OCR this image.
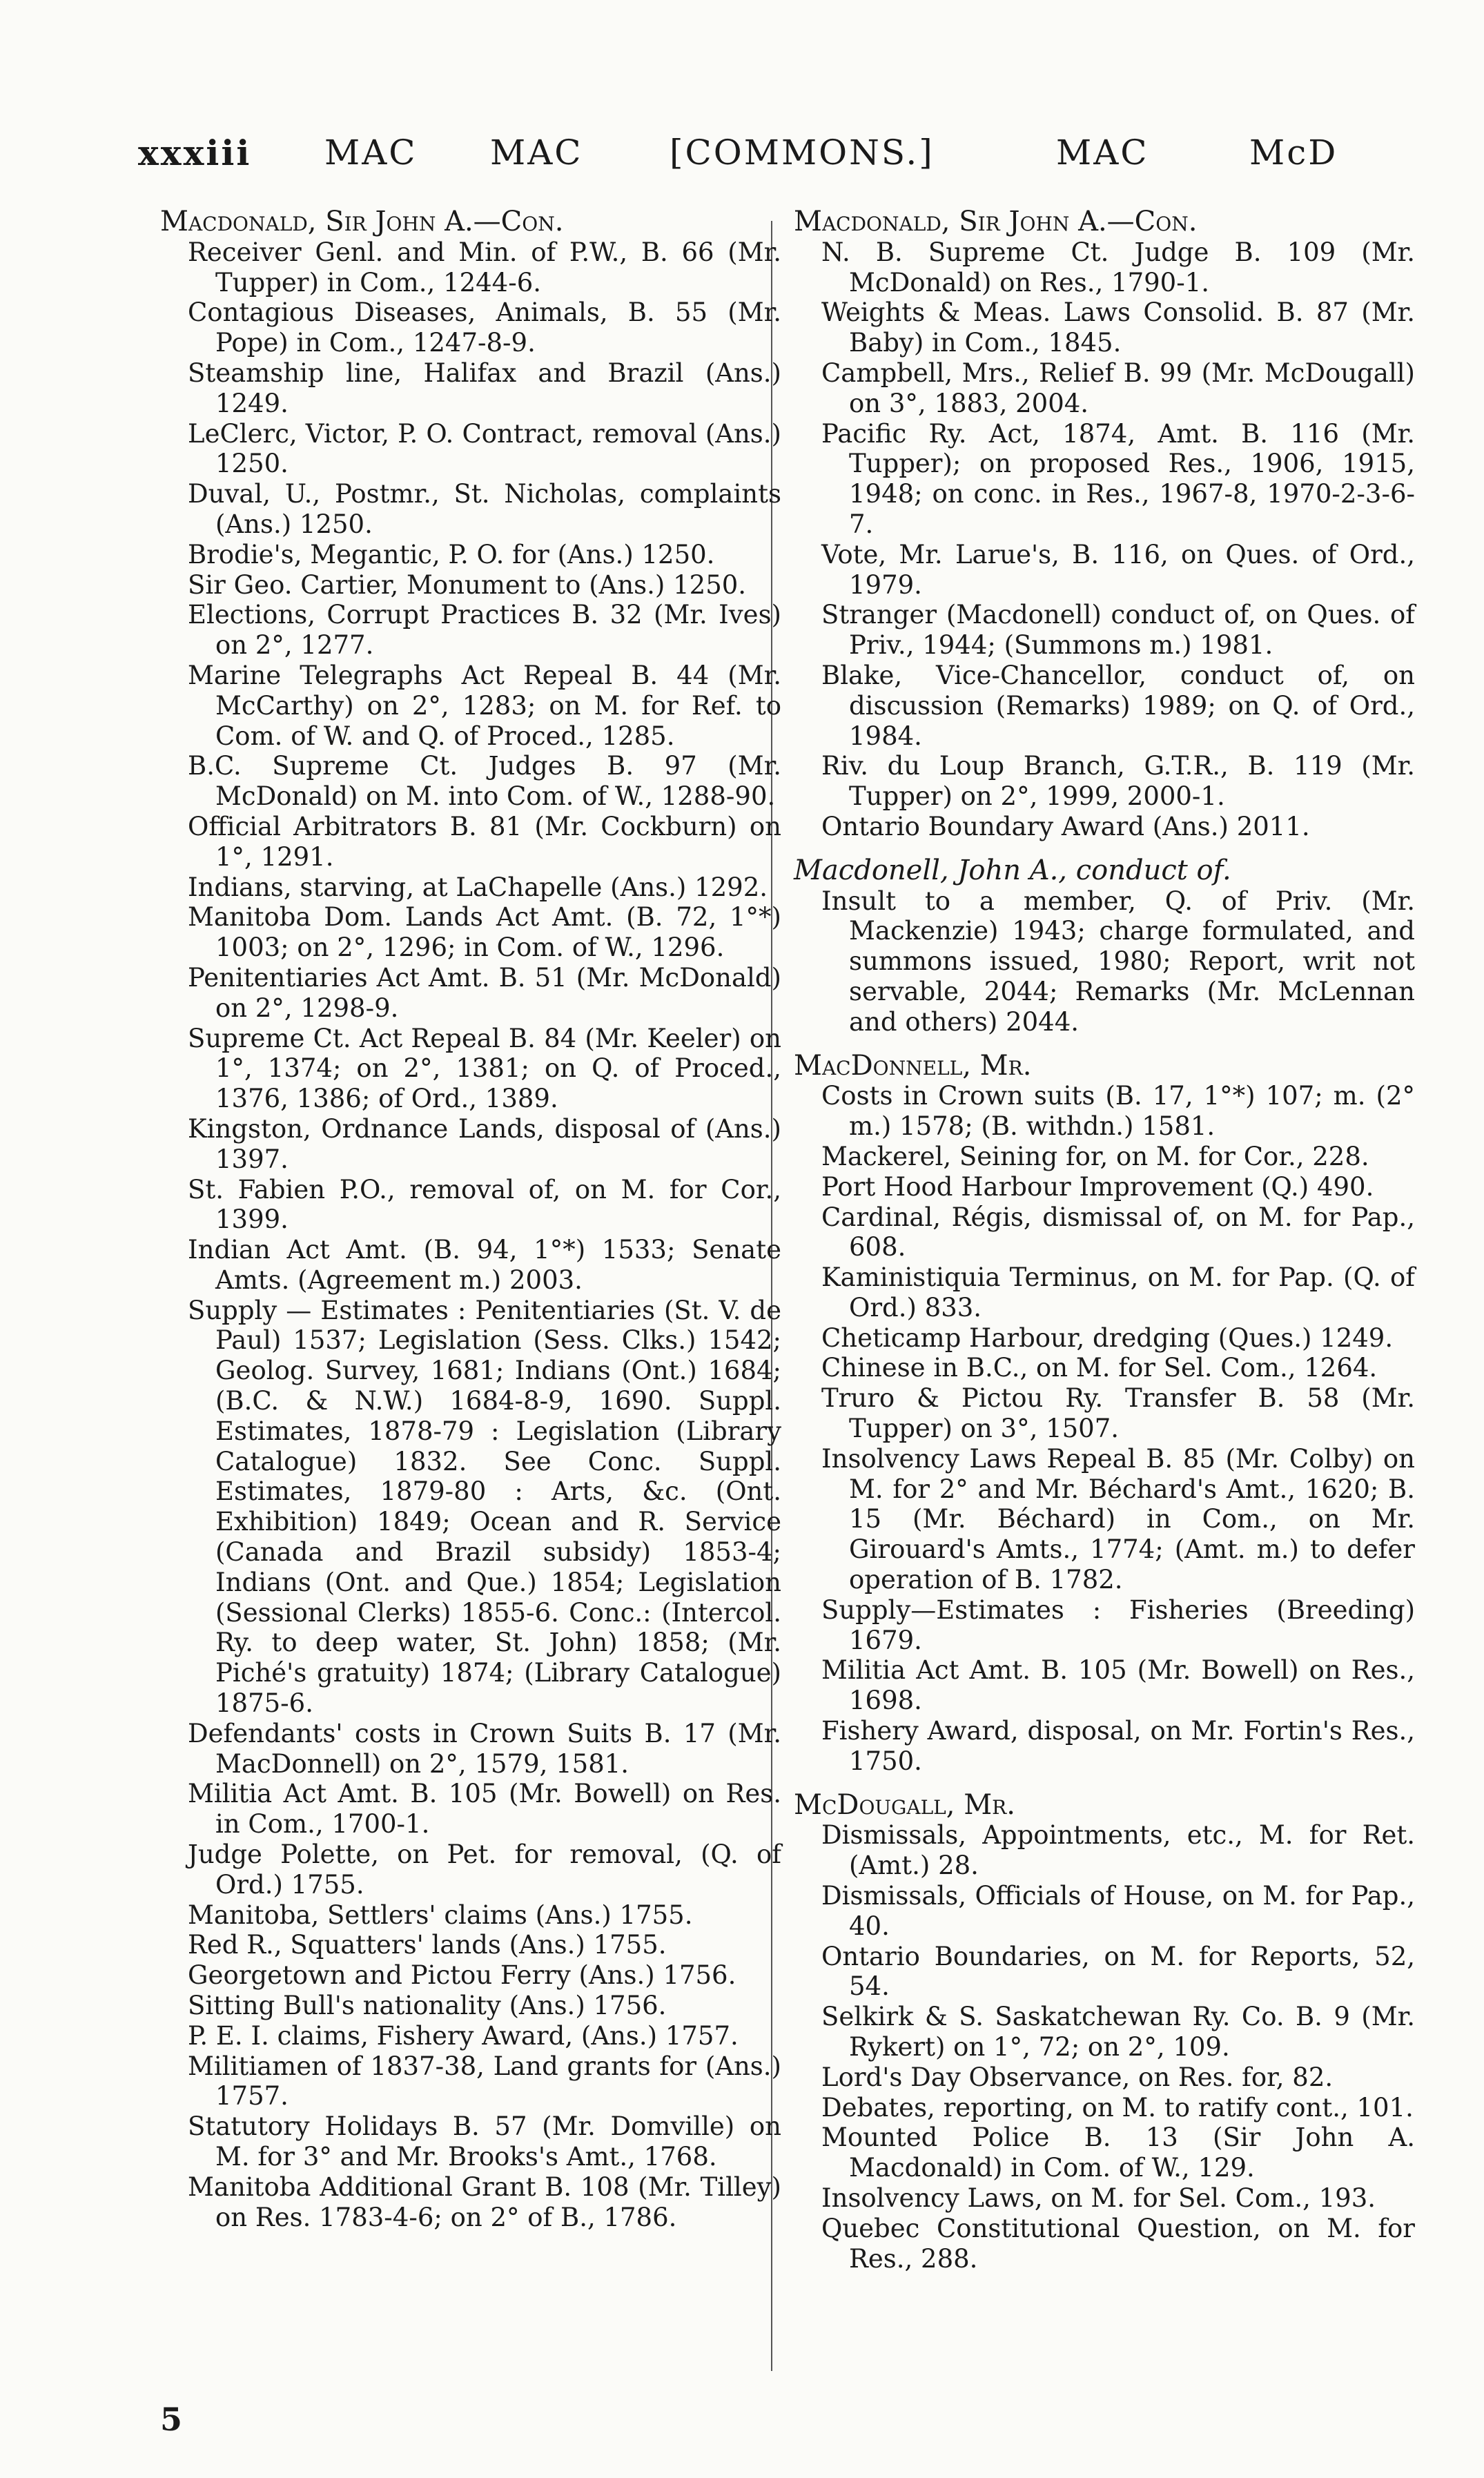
xxxiii MAC MAC	[COMMONS.]	MAC	McD

Macdonald, Sir John A.—Con.

Receiver Genl. and Min. of P.W., B. 66 (Mr. Tupper) in Com., 1244-6.

Contagious Diseases, Animals, B. 55 (Mr. Pope) in Com., 1247-8-9.

Steamship line, Halifax and Brazil (Ans.) 1249.

LeClerc, Victor, P. O. Contract, removal (Ans.) 1250.

Duval, U., Postmr., St. Nicholas, complaints (Ans.) 1250.

Brodie's, Megantic, P. O. for (Ans.) 1250.

Sir Geo. Cartier, Monument to (Ans.) 1250.

Elections, Corrupt Practices B. 32 (Mr. Ives) on 2°, 1277.

Marine Telegraphs Act Repeal B. 44 (Mr. McCarthy) on 2°, 1283; on M. for Ref. to Com. of W. and Q. of Proced., 1285.

B.C. Supreme Ct. Judges B. 97 (Mr. McDonald) on M. into Com. of W., 1288-90.

Official Arbitrators B. 81 (Mr. Cockburn) on 1°, 1291.

Indians, starving, at LaChapelle (Ans.) 1292.

Manitoba Dom. Lands Act Amt. (B. 72, 1°*) 1003; on 2°, 1296; in Com. of W., 1296.

Penitentiaries Act Amt. B. 51 (Mr. McDonald) on 2°, 1298-9.

Supreme Ct. Act Repeal B. 84 (Mr. Keeler) on 1°, 1374; on 2°, 1381; on Q. of Proced., 1376, 1386; of Ord., 1389.

Kingston, Ordnance Lands, disposal of (Ans.) 1397.

St. Fabien P.O., removal of, on M. for Cor., 1399.

Indian Act Amt. (B. 94, 1°*) 1533; Senate Amts. (Agreement m.) 2003.

Supply — Estimates : Penitentiaries (St. V. de Paul) 1537; Legislation (Sess. Clks.) 1542; Geolog. Survey, 1681; Indians (Ont.) 1684; (B.C. & N.W.) 1684-8-9, 1690. Suppl. Estimates, 1878-79 : Legislation (Library Catalogue) 1832. See Conc. Suppl. Estimates, 1879-80 : Arts, &c. (Ont. Exhibition) 1849; Ocean and R. Service (Canada and Brazil subsidy) 1853-4; Indians (Ont. and Que.) 1854; Legislation (Sessional Clerks) 1855-6. Conc.: (Intercol. Ry. to deep water, St. John) 1858; (Mr. Piché's gratuity) 1874; (Library Catalogue) 1875-6.

Defendants' costs in Crown Suits B. 17 (Mr. MacDonnell) on 2°, 1579, 1581.

Militia Act Amt. B. 105 (Mr. Bowell) on Res. in Com., 1700-1.

Judge Polette, on Pet. for removal, (Q. of Ord.) 1755.

Manitoba, Settlers' claims (Ans.) 1755.

Red R., Squatters' lands (Ans.) 1755.

Georgetown and Pictou Ferry (Ans.) 1756.

Sitting Bull's nationality (Ans.) 1756.

P. E. I. claims, Fishery Award, (Ans.) 1757.

Militiamen of 1837-38, Land grants for (Ans.) 1757.

Statutory Holidays B. 57 (Mr. Domville) on M. for 3° and Mr. Brooks's Amt., 1768.

Manitoba Additional Grant B. 108 (Mr. Tilley) on Res. 1783-4-6; on 2° of B., 1786.

Macdonald, Sir John A.—Con.

N. B. Supreme Ct. Judge B. 109 (Mr. McDonald) on Res., 1790-1.

Weights & Meas. Laws Consolid. B. 87 (Mr. Baby) in Com., 1845.

Campbell, Mrs., Relief B. 99 (Mr. McDougall) on 3°, 1883, 2004.

Pacific Ry. Act, 1874, Amt. B. 116 (Mr. Tupper); on proposed Res., 1906, 1915, 1948; on conc. in Res., 1967-8, 1970-2-3-6-7.

Vote, Mr. Larue's, B. 116, on Ques. of Ord., 1979.

Stranger (Macdonell) conduct of, on Ques. of Priv., 1944; (Summons m.) 1981.

Blake, Vice-Chancellor, conduct of, on discussion (Remarks) 1989; on Q. of Ord., 1984.

Riv. du Loup Branch, G.T.R., B. 119 (Mr. Tupper) on 2°, 1999, 2000-1.

Ontario Boundary Award (Ans.) 2011.

Macdonell, John A., conduct of.

Insult to a member, Q. of Priv. (Mr. Mackenzie) 1943; charge formulated, and summons issued, 1980; Report, writ not servable, 2044; Remarks (Mr. McLennan and others) 2044.

MacDonnell, Mr.

Costs in Crown suits (B. 17, 1°*) 107; m. (2° m.) 1578; (B. withdn.) 1581.

Mackerel, Seining for, on M. for Cor., 228.

Port Hood Harbour Improvement (Q.) 490.

Cardinal, Régis, dismissal of, on M. for Pap., 608.

Kaministiquia Terminus, on M. for Pap. (Q. of Ord.) 833.

Cheticamp Harbour, dredging (Ques.) 1249.

Chinese in B.C., on M. for Sel. Com., 1264.

Truro & Pictou Ry. Transfer B. 58 (Mr. Tupper) on 3°, 1507.

Insolvency Laws Repeal B. 85 (Mr. Colby) on M. for 2° and Mr. Béchard's Amt., 1620; B. 15 (Mr. Béchard) in Com., on Mr. Girouard's Amts., 1774; (Amt. m.) to defer operation of B. 1782.

Supply—Estimates : Fisheries (Breeding) 1679.

Militia Act Amt. B. 105 (Mr. Bowell) on Res., 1698.

Fishery Award, disposal, on Mr. Fortin's Res., 1750.

McDougall, Mr.

Dismissals, Appointments, etc., M. for Ret. (Amt.) 28.

Dismissals, Officials of House, on M. for Pap., 40.

Ontario Boundaries, on M. for Reports, 52, 54.

Selkirk & S. Saskatchewan Ry. Co. B. 9 (Mr. Rykert) on 1°, 72; on 2°, 109.

Lord's Day Observance, on Res. for, 82.

Debates, reporting, on M. to ratify cont., 101.

Mounted Police B. 13 (Sir John A. Macdonald) in Com. of W., 129.

Insolvency Laws, on M. for Sel. Com., 193.

Quebec Constitutional Question, on M. for Res., 288.

5
